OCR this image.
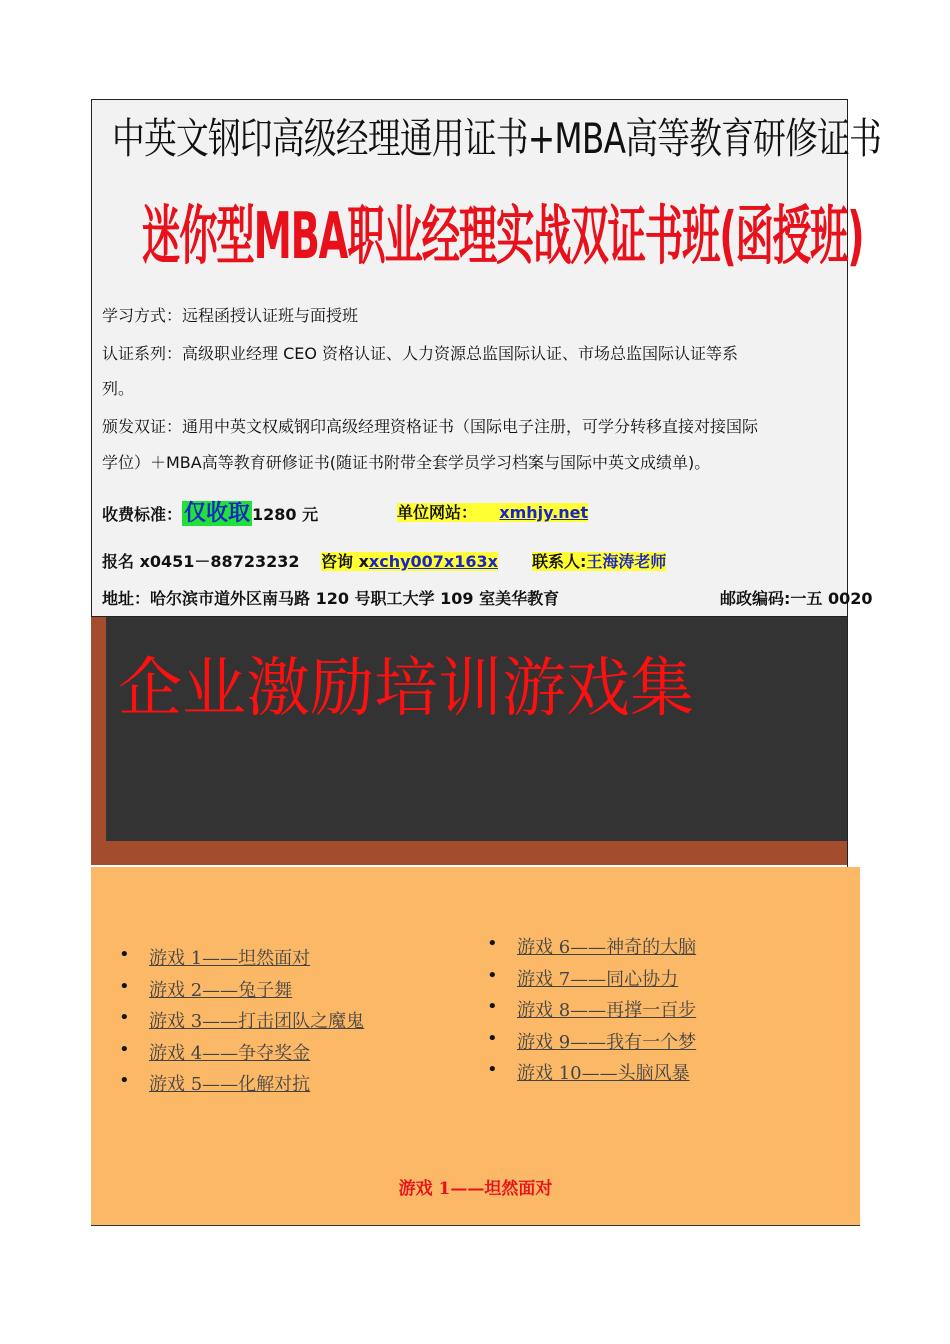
中英文钢印高级经理通用证书+MBA高等教育研修证书
迷你型MBA职业经理实战双证书班(函授班)
学习方式：远程函授认证班与面授班
认证系列：高级职业经理 CEO 资格认证、人力资源总监国际认证、市场总监国际认证等系
列。
颁发双证：通用中英文权威钢印高级经理资格证书（国际电子注册，可学分转移直接对接国际
学位）＋MBA高等教育研修证书(随证书附带全套学员学习档案与国际中英文成绩单)。
收费标准：仅收取 1280 元	单位网站： xmhjy.net
报名 x0451－88723232 咨询 xxchy007x163x 联系人:王海涛老师
地址：哈尔滨市道外区南马路 120 号职工大学 109 室美华教育	邮政编码:一五 0020
企业激励培训游戏集
• 游戏 1——坦然面对
• 游戏 2——兔子舞
• 游戏 3——打击团队之魔鬼
• 游戏 4——争夺奖金
• 游戏 5——化解对抗
• 游戏 6——神奇的大脑
• 游戏 7——同心协力
• 游戏 8——再撑一百步
• 游戏 9——我有一个梦
• 游戏 10——头脑风暴
游戏 1——坦然面对
